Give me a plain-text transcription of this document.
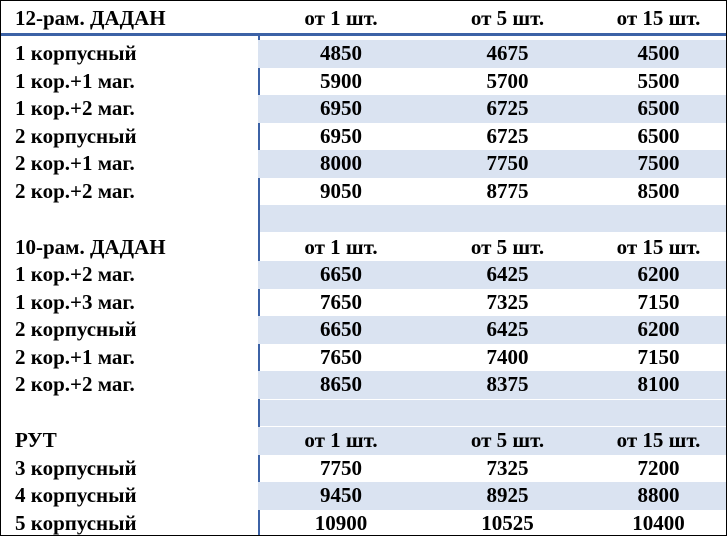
12-рам. ДАДАН	от 1 шт.	от 5 шт.	от 15 шт.
1 корпусный	4850	4675	4500
1 кор.+1 маг.	5900	5700	5500
1 кор.+2 маг.	6950	6725	6500
2 корпусный	6950	6725	6500
2 кор.+1 маг.	8000	7750	7500
2 кор.+2 маг.	9050	8775	8500
10-рам. ДАДАН	от 1 шт.	от 5 шт.	от 15 шт.
1 кор.+2 маг.	6650	6425	6200
1 кор.+3 маг.	7650	7325	7150
2 корпусный	6650	6425	6200
2 кор.+1 маг.	7650	7400	7150
2 кор.+2 маг.	8650	8375	8100
РУТ	от 1 шт.	от 5 шт.	от 15 шт.
3 корпусный	7750	7325	7200
4 корпусный	9450	8925	8800
5 корпусный	10900	10525	10400
